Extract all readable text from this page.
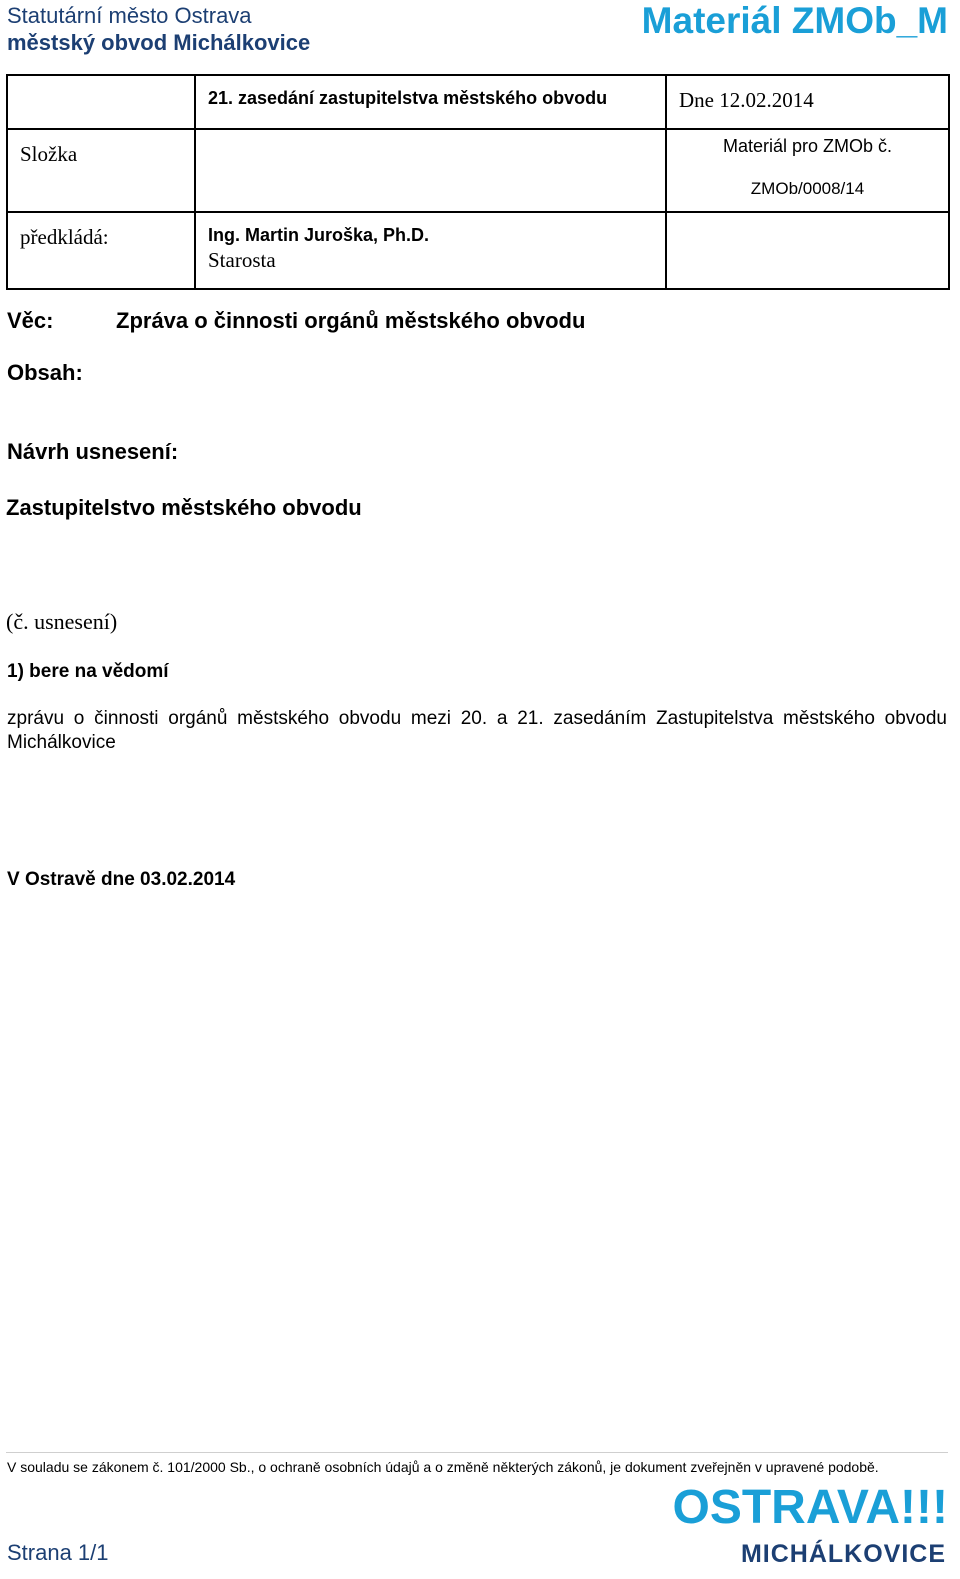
Statutární město Ostrava
městský obvod Michálkovice
Materiál ZMOb_M
	21. zasedání zastupitelstva městského obvodu	Dne 12.02.2014
Složka		Materiál pro ZMOb č.
ZMOb/0008/14

předkládá:	Ing. Martin Juroška, Ph.D.
Starosta	

Věc:	Zpráva o činnosti orgánů městského obvodu
Obsah:
Návrh usnesení:
Zastupitelstvo městského obvodu
(č. usnesení)
1) bere na vědomí
zprávu o činnosti orgánů městského obvodu mezi 20. a 21. zasedáním Zastupitelstva městského obvodu Michálkovice
V Ostravě dne 03.02.2014
V souladu se zákonem č. 101/2000 Sb., o ochraně osobních údajů a o změně některých zákonů, je dokument zveřejněn v upravené podobě.
Strana 1/1
OSTRAVA!!!
MICHÁLKOVICE
